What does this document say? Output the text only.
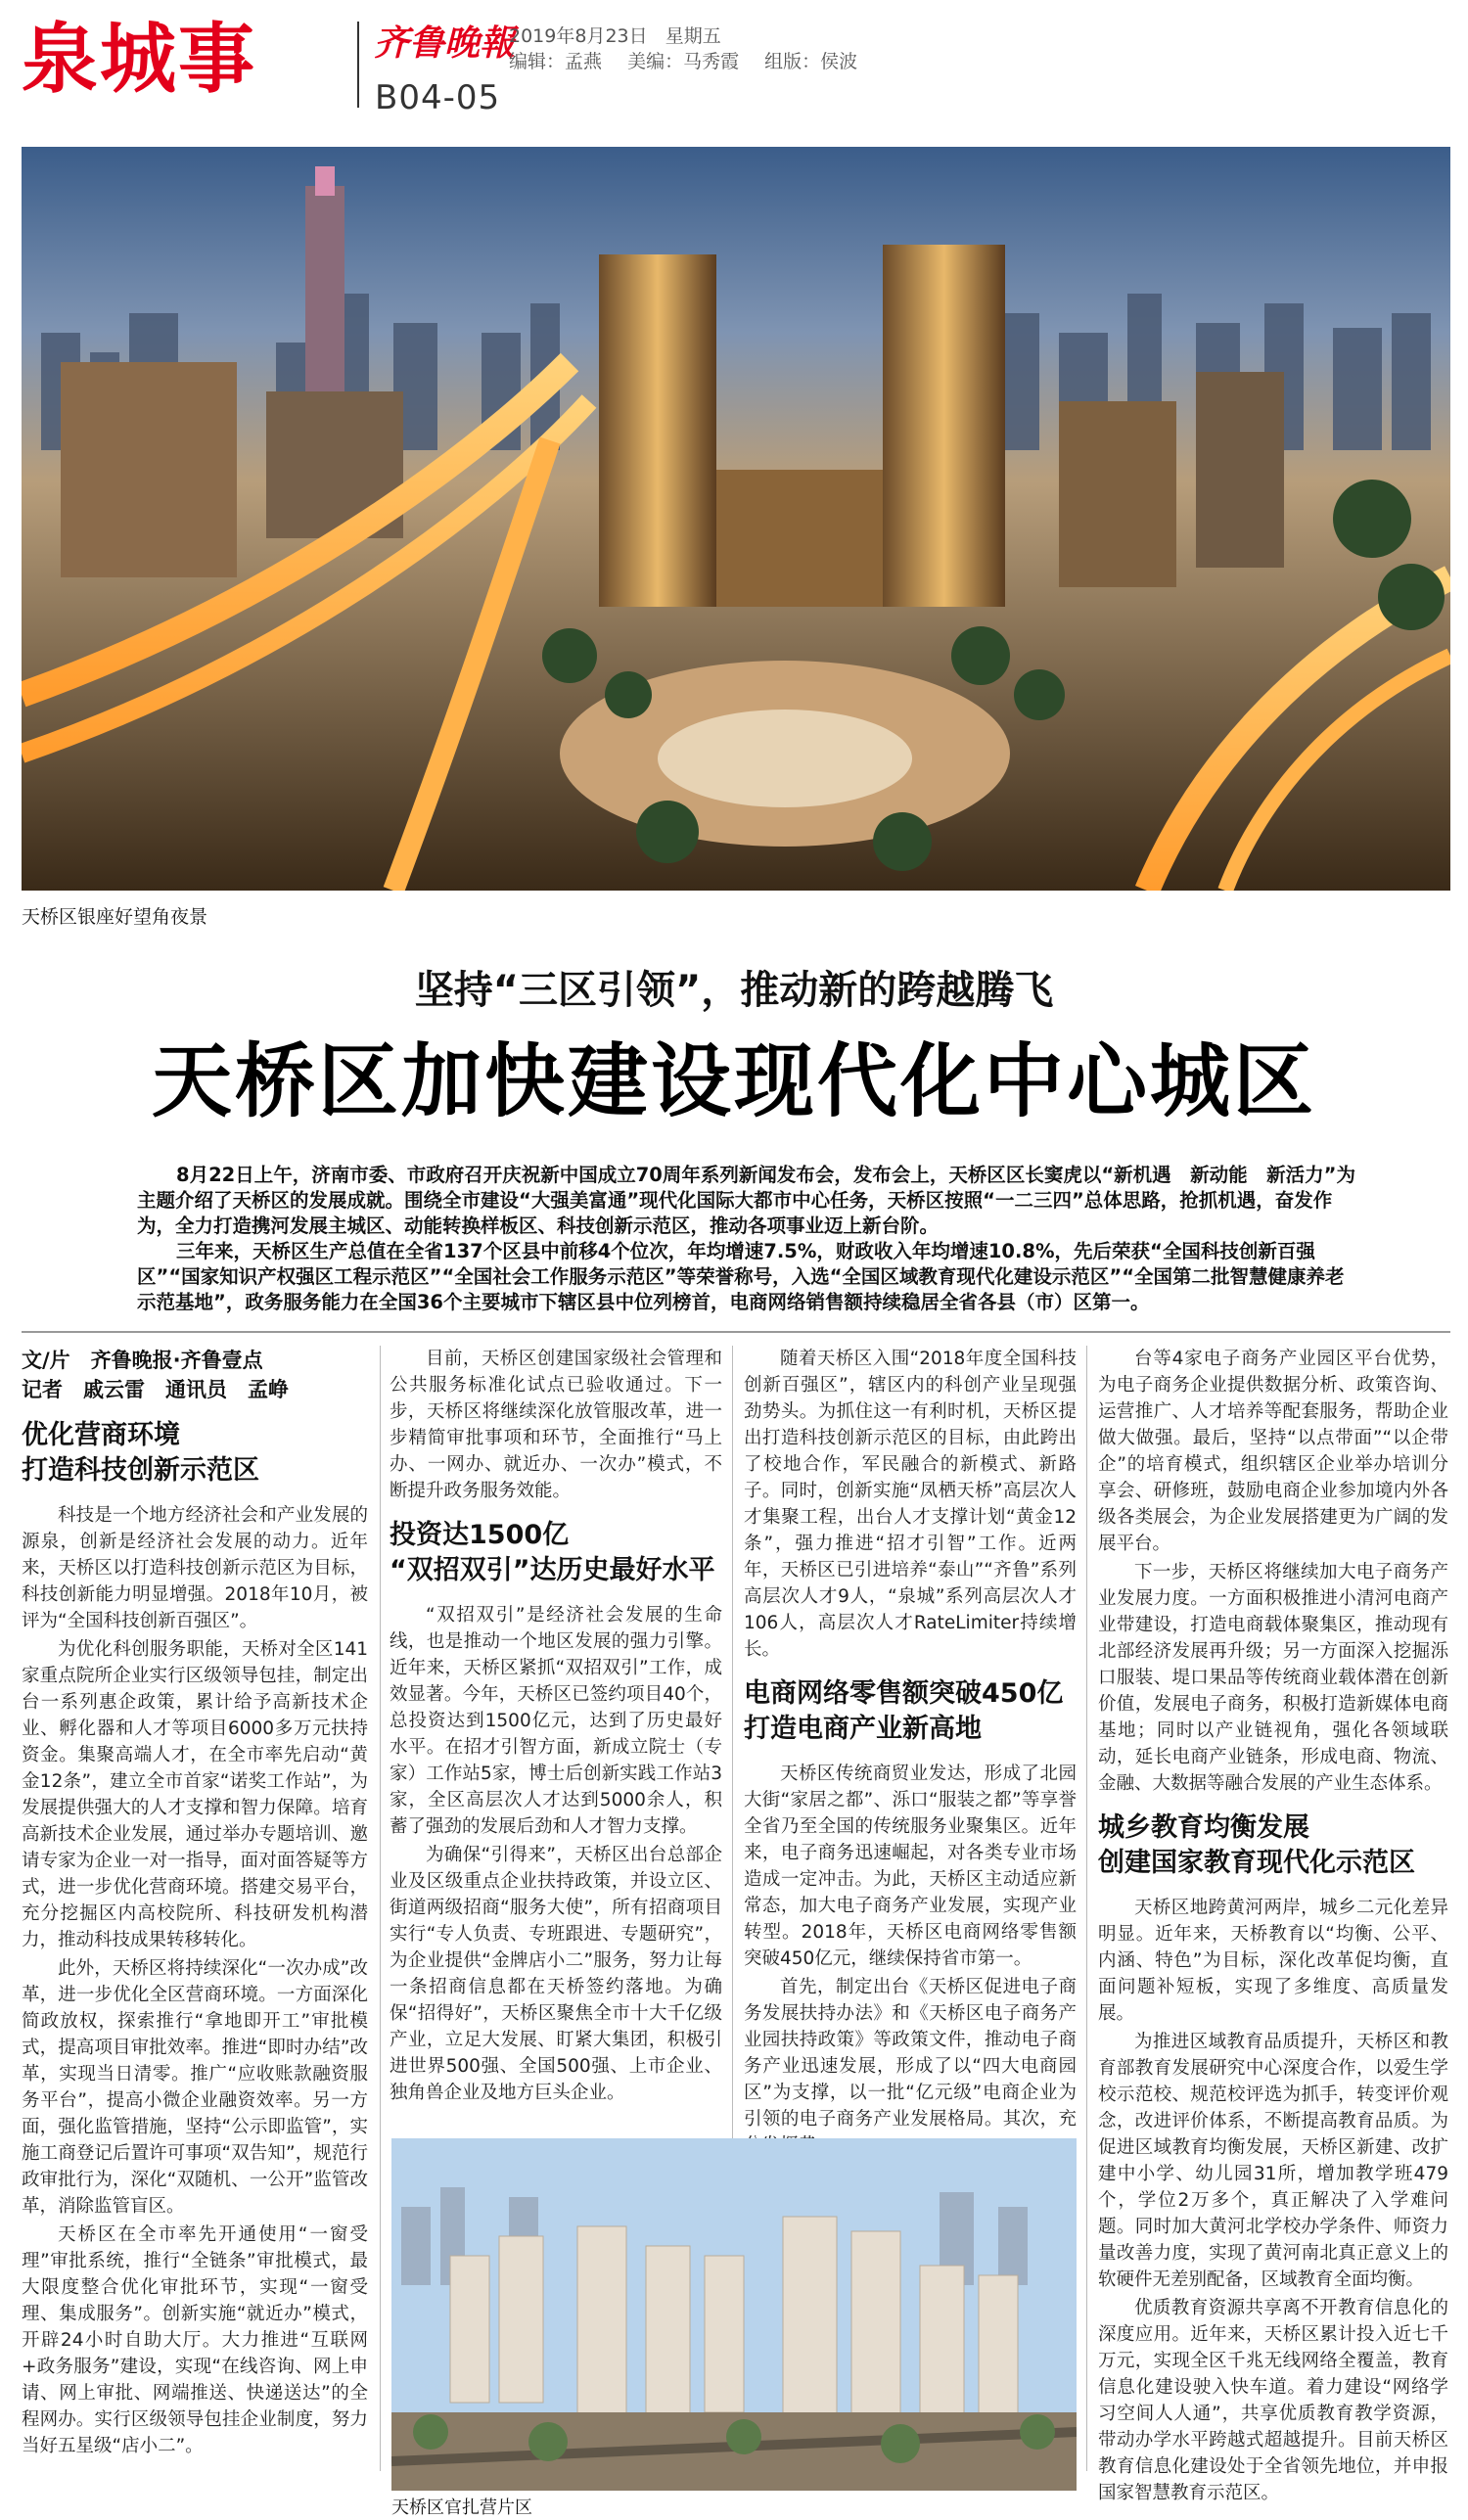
泉城事	齐鲁晚報
2019年8月23日 星期五
编辑：孟燕 美编：马秀霞 组版：侯波
B04-05
天桥区银座好望角夜景
坚持“三区引领”，推动新的跨越腾飞
天桥区加快建设现代化中心城区

8月22日上午，济南市委、市政府召开庆祝新中国成立70周年系列新闻发布会，发布会上，天桥区区长窦虎以“新机遇　新动能　新活力”为主题介绍了天桥区的发展成就。围绕全市建设“大强美富通”现代化国际大都市中心任务，天桥区按照“一二三四”总体思路，抢抓机遇，奋发作为，全力打造携河发展主城区、动能转换样板区、科技创新示范区，推动各项事业迈上新台阶。

三年来，天桥区生产总值在全省137个区县中前移4个位次，年均增速7.5%，财政收入年均增速10.8%，先后荣获“全国科技创新百强区”“国家知识产权强区工程示范区”“全国社会工作服务示范区”等荣誉称号，入选“全国区域教育现代化建设示范区”“全国第二批智慧健康养老示范基地”，政务服务能力在全国36个主要城市下辖区县中位列榜首，电商网络销售额持续稳居全省各县（市）区第一。

文/片　齐鲁晚报·齐鲁壹点
记者　戚云雷　通讯员　孟峥
优化营商环境
打造科技创新示范区

科技是一个地方经济社会和产业发展的源泉，创新是经济社会发展的动力。近年来，天桥区以打造科技创新示范区为目标，科技创新能力明显增强。2018年10月，被评为“全国科技创新百强区”。

为优化科创服务职能，天桥对全区141家重点院所企业实行区级领导包挂，制定出台一系列惠企政策，累计给予高新技术企业、孵化器和人才等项目6000多万元扶持资金。集聚高端人才，在全市率先启动“黄金12条”，建立全市首家“诺奖工作站”，为发展提供强大的人才支撑和智力保障。培育高新技术企业发展，通过举办专题培训、邀请专家为企业一对一指导，面对面答疑等方式，进一步优化营商环境。搭建交易平台，充分挖掘区内高校院所、科技研发机构潜力，推动科技成果转移转化。

此外，天桥区将持续深化“一次办成”改革，进一步优化全区营商环境。一方面深化简政放权，探索推行“拿地即开工”审批模式，提高项目审批效率。推进“即时办结”改革，实现当日清零。推广“应收账款融资服务平台”，提高小微企业融资效率。另一方面，强化监管措施，坚持“公示即监管”，实施工商登记后置许可事项“双告知”，规范行政审批行为，深化“双随机、一公开”监管改革，消除监管盲区。

天桥区在全市率先开通使用“一窗受理”审批系统，推行“全链条”审批模式，最大限度整合优化审批环节，实现“一窗受理、集成服务”。创新实施“就近办”模式，开辟24小时自助大厅。大力推进“互联网+政务服务”建设，实现“在线咨询、网上申请、网上审批、网端推送、快递送达”的全程网办。实行区级领导包挂企业制度，努力当好五星级“店小二”。

目前，天桥区创建国家级社会管理和公共服务标准化试点已验收通过。下一步，天桥区将继续深化放管服改革，进一步精简审批事项和环节，全面推行“马上办、一网办、就近办、一次办”模式，不断提升政务服务效能。

投资达1500亿
“双招双引”达历史最好水平

“双招双引”是经济社会发展的生命线，也是推动一个地区发展的强力引擎。近年来，天桥区紧抓“双招双引”工作，成效显著。今年，天桥区已签约项目40个，总投资达到1500亿元，达到了历史最好水平。在招才引智方面，新成立院士（专家）工作站5家，博士后创新实践工作站3家，全区高层次人才达到5000余人，积蓄了强劲的发展后劲和人才智力支撑。

为确保“引得来”，天桥区出台总部企业及区级重点企业扶持政策，并设立区、街道两级招商“服务大使”，所有招商项目实行“专人负责、专班跟进、专题研究”，为企业提供“金牌店小二”服务，努力让每一条招商信息都在天桥签约落地。为确保“招得好”，天桥区聚焦全市十大千亿级产业，立足大发展、盯紧大集团，积极引进世界500强、全国500强、上市企业、独角兽企业及地方巨头企业。

随着天桥区入围“2018年度全国科技创新百强区”，辖区内的科创产业呈现强劲势头。为抓住这一有利时机，天桥区提出打造科技创新示范区的目标，由此跨出了校地合作，军民融合的新模式、新路子。同时，创新实施“凤栖天桥”高层次人才集聚工程，出台人才支撑计划“黄金12条”，强力推进“招才引智”工作。近两年，天桥区已引进培养“泰山”“齐鲁”系列高层次人才9人，“泉城”系列高层次人才106人，高层次人才RateLimiter持续增长。

电商网络零售额突破450亿
打造电商产业新高地

天桥区传统商贸业发达，形成了北园大街“家居之都”、泺口“服装之都”等享誉全省乃至全国的传统服务业聚集区。近年来，电子商务迅速崛起，对各类专业市场造成一定冲击。为此，天桥区主动适应新常态，加大电子商务产业发展，实现产业转型。2018年，天桥区电商网络零售额突破450亿元，继续保持省市第一。

首先，制定出台《天桥区促进电子商务发展扶持办法》和《天桥区电子商务产业园扶持政策》等政策文件，推动电子商务产业迅速发展，形成了以“四大电商园区”为支撑，以一批“亿元级”电商企业为引领的电子商务产业发展格局。其次，充

台等4家电子商务产业园区平台优势，为电子商务企业提供数据分析、政策咨询、运营推广、人才培养等配套服务，帮助企业做大做强。最后，坚持“以点带面”“以企带企”的培育模式，组织辖区企业举办培训分享会、研修班，鼓励电商企业参加境内外各级各类展会，为企业发展搭建更为广阔的发展平台。

下一步，天桥区将继续加大电子商务产业发展力度。一方面积极推进小清河电商产业带建设，打造电商载体聚集区，推动现有北部经济发展再升级；另一方面深入挖掘泺口服装、堤口果品等传统商业载体潜在创新价值，发展电子商务，积极打造新媒体电商基地；同时以产业链视角，强化各领域联动，延长电商产业链条，形成电商、物流、金融、大数据等融合发展的产业生态体系。

城乡教育均衡发展
创建国家教育现代化示范区

天桥区地跨黄河两岸，城乡二元化差异明显。近年来，天桥教育以“均衡、公平、内涵、特色”为目标，深化改革促均衡，直面问题补短板，实现了多维度、高质量发展。

为推进区域教育品质提升，天桥区和教育部教育发展研究中心深度合作，以爱生学校示范校、规范校评选为抓手，转变评价观念，改进评价体系，不断提高教育品质。为促进区域教育均衡发展，天桥区新建、改扩建中小学、幼儿园31所，增加教学班479个，学位2万多个，真正解决了入学难问题。同时加大黄河北学校办学条件、师资力量改善力度，实现了黄河南北真正意义上的软硬件无差别配备，区域教育全面均衡。

优质教育资源共享离不开教育信息化的深度应用。近年来，天桥区累计投入近七千万元，实现全区千兆无线网络全覆盖，教育信息化建设驶入快车道。着力建设“网络学习空间人人通”，共享优质教育教学资源，带动办学水平跨越式超越提升。目前天桥区教育信息化建设处于全省领先地位，并申报国家智慧教育示范区。

天桥区官扎营片区
